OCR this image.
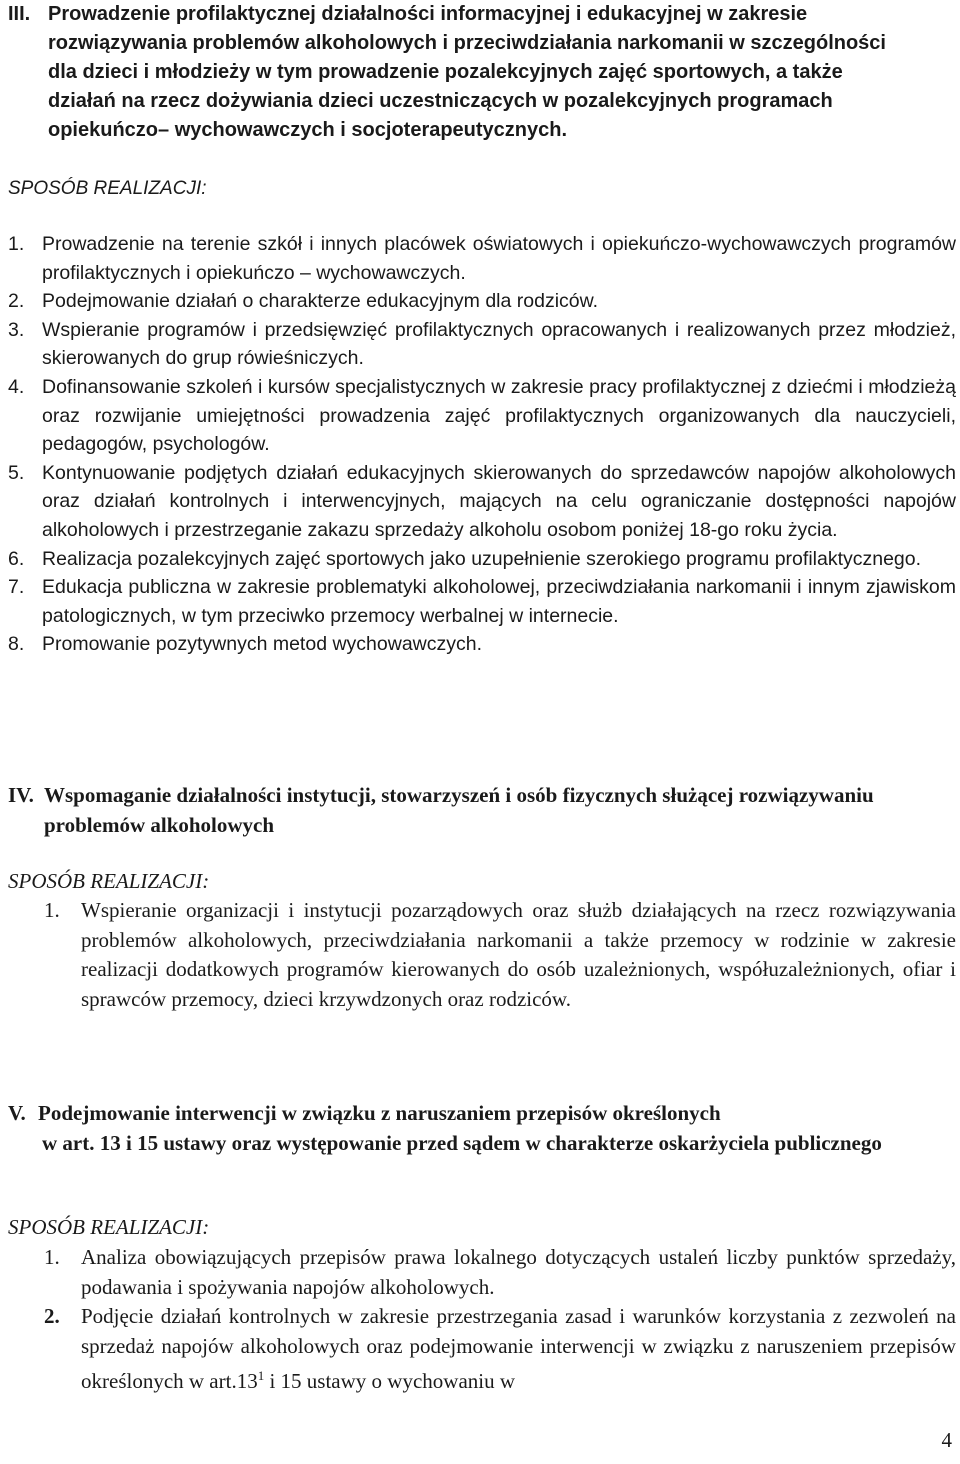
III. Prowadzenie profilaktycznej działalności informacyjnej i edukacyjnej w zakresie rozwiązywania problemów alkoholowych i przeciwdziałania narkomanii w szczególności dla dzieci i młodzieży w tym prowadzenie pozalekcyjnych zajęć sportowych, a także działań na rzecz dożywiania dzieci uczestniczących w pozalekcyjnych programach opiekuńczo– wychowawczych i socjoterapeutycznych.
SPOSÓB REALIZACJI:
1. Prowadzenie na terenie szkół i innych placówek oświatowych i opiekuńczo-wychowawczych programów profilaktycznych i opiekuńczo – wychowawczych.
2. Podejmowanie działań o charakterze edukacyjnym dla rodziców.
3. Wspieranie programów i przedsięwzięć profilaktycznych opracowanych i realizowanych przez młodzież, skierowanych do grup rówieśniczych.
4. Dofinansowanie szkoleń i kursów specjalistycznych w zakresie pracy profilaktycznej z dziećmi i młodzieżą oraz rozwijanie umiejętności prowadzenia zajęć profilaktycznych organizowanych dla nauczycieli, pedagogów, psychologów.
5. Kontynuowanie podjętych działań edukacyjnych skierowanych do sprzedawców napojów alkoholowych oraz działań kontrolnych i interwencyjnych, mających na celu ograniczanie dostępności napojów alkoholowych i przestrzeganie zakazu sprzedaży alkoholu osobom poniżej 18-go roku życia.
6. Realizacja pozalekcyjnych zajęć sportowych jako uzupełnienie szerokiego programu profilaktycznego.
7. Edukacja publiczna w zakresie problematyki alkoholowej, przeciwdziałania narkomanii i innym zjawiskom patologicznych, w tym przeciwko przemocy werbalnej w internecie.
8. Promowanie pozytywnych metod wychowawczych.
IV. Wspomaganie działalności instytucji, stowarzyszeń i osób fizycznych służącej rozwiązywaniu problemów alkoholowych
SPOSÓB REALIZACJI:
1. Wspieranie organizacji i instytucji pozarządowych oraz służb działających na rzecz rozwiązywania problemów alkoholowych, przeciwdziałania narkomanii a także przemocy w rodzinie w zakresie realizacji dodatkowych programów kierowanych do osób uzależnionych, współuzależnionych, ofiar i sprawców przemocy, dzieci krzywdzonych oraz rodziców.
V. Podejmowanie interwencji w związku z naruszaniem przepisów określonych
w art. 13 i 15 ustawy oraz występowanie przed sądem w charakterze oskarżyciela publicznego
SPOSÓB REALIZACJI:
1. Analiza obowiązujących przepisów prawa lokalnego dotyczących ustaleń liczby punktów sprzedaży, podawania i spożywania napojów alkoholowych.
2. Podjęcie działań kontrolnych w zakresie przestrzegania zasad i warunków korzystania z zezwoleń na sprzedaż napojów alkoholowych oraz podejmowanie interwencji w związku z naruszeniem przepisów określonych w $art.13^1$ i 15 ustawy o wychowaniu w
4
